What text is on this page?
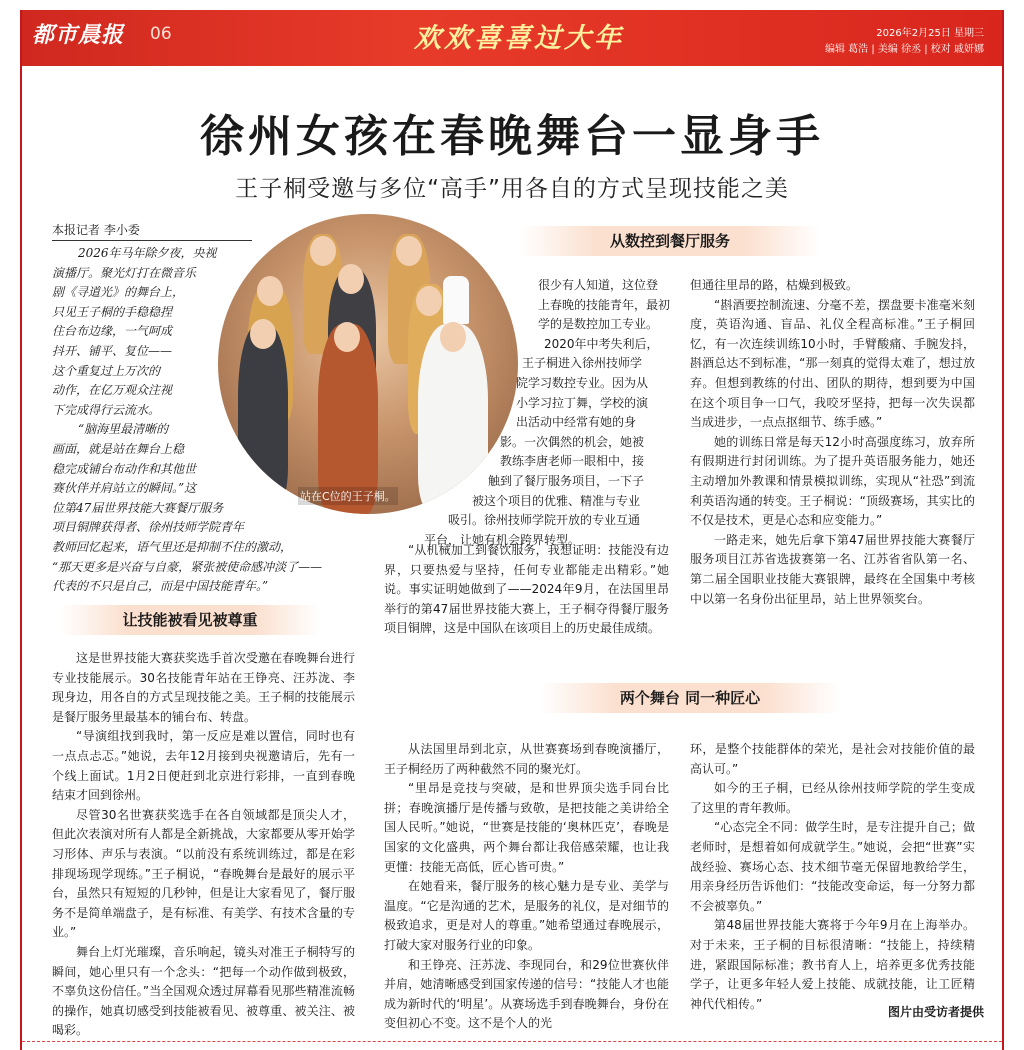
都市晨报 06	欢欢喜喜过大年	2026年2月25日 星期三
编辑 葛浩 | 美编 徐丞 | 校对 戚妍娜
徐州女孩在春晚舞台一显身手
王子桐受邀与多位“高手”用各自的方式呈现技能之美
本报记者 李小委
2026年马年除夕夜，央视
演播厅。聚光灯打在微音乐
剧《寻道光》的舞台上，
只见王子桐的手稳稳捏
住台布边缘，一气呵成
抖开、铺平、复位——
这个重复过上万次的
动作，在亿万观众注视
下完成得行云流水。
“脑海里最清晰的
画面，就是站在舞台上稳
稳完成铺台布动作和其他世
赛伙伴并肩站立的瞬间。”这
位第47届世界技能大赛餐厅服务
项目铜牌获得者、徐州技师学院青年
教师回忆起来，语气里还是抑制不住的激动，
“那天更多是兴奋与自豪，紧张被使命感冲淡了——
代表的不只是自己，而是中国技能青年。”
站在C位的王子桐。
让技能被看见被尊重
从数控到餐厅服务
两个舞台 同一种匠心

这是世界技能大赛获奖选手首次受邀在春晚舞台进行专业技能展示。30名技能青年站在王铮亮、汪苏泷、李现身边，用各自的方式呈现技能之美。王子桐的技能展示是餐厅服务里最基本的铺台布、转盘。

“导演组找到我时，第一反应是难以置信，同时也有一点点忐忑。”她说，去年12月接到央视邀请后，先有一个线上面试。1月2日便赶到北京进行彩排，一直到春晚结束才回到徐州。

尽管30名世赛获奖选手在各自领域都是顶尖人才，但此次表演对所有人都是全新挑战，大家都要从零开始学习形体、声乐与表演。“以前没有系统训练过，都是在彩排现场现学现练。”王子桐说，“春晚舞台是最好的展示平台，虽然只有短短的几秒钟，但是让大家看见了，餐厅服务不是简单端盘子，是有标准、有美学、有技术含量的专业。”

舞台上灯光璀璨，音乐响起，镜头对准王子桐特写的瞬间，她心里只有一个念头：“把每一个动作做到极致，不辜负这份信任。”当全国观众透过屏幕看见那些精准流畅的操作，她真切感受到技能被看见、被尊重、被关注、被喝彩。

很少有人知道，这位登
上春晚的技能青年，最初
学的是数控加工专业。
2020年中考失利后，
王子桐进入徐州技师学
院学习数控专业。因为从
小学习拉丁舞，学校的演
出活动中经常有她的身
影。一次偶然的机会，她被
教练李唐老师一眼相中，接
触到了餐厅服务项目，一下子
被这个项目的优雅、精准与专业
吸引。徐州技师学院开放的专业互通
平台，让她有机会跨界转型。

“从机械加工到餐饮服务，我想证明：技能没有边界，只要热爱与坚持，任何专业都能走出精彩。”她说。事实证明她做到了——2024年9月，在法国里昂举行的第47届世界技能大赛上，王子桐夺得餐厅服务项目铜牌，这是中国队在该项目上的历史最佳成绩。

但通往里昂的路，枯燥到极致。

“斟酒要控制流速、分毫不差，摆盘要卡准毫米刻度，英语沟通、盲品、礼仪全程高标准。”王子桐回忆，有一次连续训练10小时，手臂酸痛、手腕发抖，斟酒总达不到标准，“那一刻真的觉得太难了，想过放弃。但想到教练的付出、团队的期待，想到要为中国在这个项目争一口气，我咬牙坚持，把每一次失误都当成进步，一点点抠细节、练手感。”

她的训练日常是每天12小时高强度练习，放弃所有假期进行封闭训练。为了提升英语服务能力，她还主动增加外教课和情景模拟训练，实现从“社恐”到流利英语沟通的转变。王子桐说：“顶级赛场，其实比的不仅是技术，更是心态和应变能力。”

一路走来，她先后拿下第47届世界技能大赛餐厅服务项目江苏省选拔赛第一名、江苏省省队第一名、第二届全国职业技能大赛银牌，最终在全国集中考核中以第一名身份出征里昂，站上世界领奖台。

从法国里昂到北京，从世赛赛场到春晚演播厅，王子桐经历了两种截然不同的聚光灯。

“里昂是竞技与突破，是和世界顶尖选手同台比拼；春晚演播厅是传播与致敬，是把技能之美讲给全国人民听。”她说，“世赛是技能的‘奥林匹克’，春晚是国家的文化盛典，两个舞台都让我倍感荣耀，也让我更懂：技能无高低，匠心皆可贵。”

在她看来，餐厅服务的核心魅力是专业、美学与温度。“它是沟通的艺术，是服务的礼仪，是对细节的极致追求，更是对人的尊重。”她希望通过春晚展示，打破大家对服务行业的印象。

和王铮亮、汪苏泷、李现同台，和29位世赛伙伴并肩，她清晰感受到国家传递的信号：“技能人才也能成为新时代的‘明星’。从赛场选手到春晚舞台，身份在变但初心不变。这不是个人的光

环，是整个技能群体的荣光，是社会对技能价值的最高认可。”

如今的王子桐，已经从徐州技师学院的学生变成了这里的青年教师。

“心态完全不同：做学生时，是专注提升自己；做老师时，是想着如何成就学生。”她说，会把“世赛”实战经验、赛场心态、技术细节毫无保留地教给学生，用亲身经历告诉他们：“技能改变命运，每一分努力都不会被辜负。”

第48届世界技能大赛将于今年9月在上海举办。对于未来，王子桐的目标很清晰：“技能上，持续精进，紧跟国际标准；教书育人上，培养更多优秀技能学子，让更多年轻人爱上技能、成就技能，让工匠精神代代相传。”

图片由受访者提供
